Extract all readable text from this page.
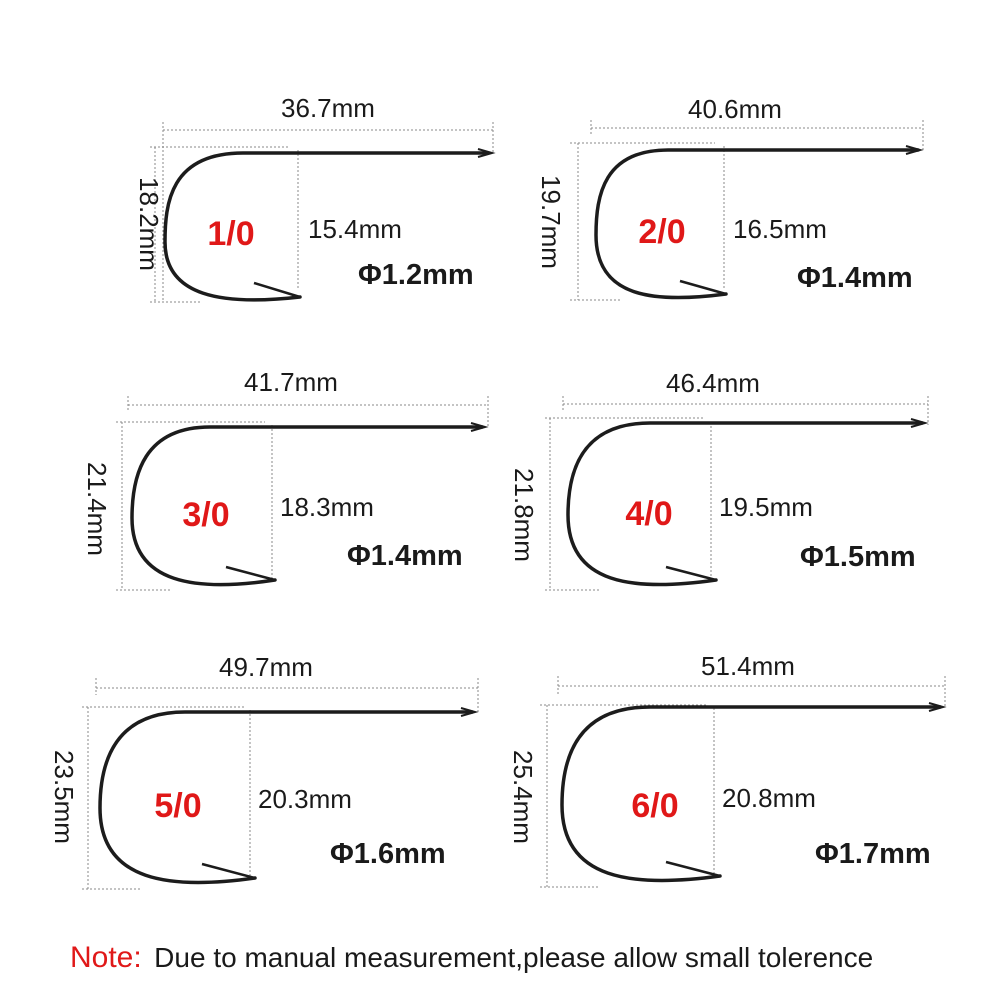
36.7mm
18.2mm 1/0 15.4mm
Φ1.2mm
40.6mm
19.7mm 2/0 16.5mm
Φ1.4mm
41.7mm
21.4mm 3/0 18.3mm
Φ1.4mm
46.4mm
21.8mm	4/0 19.5mm
Φ1.5mm
49.7mm
23.5mm 5/0 20.3mm
Φ1.6mm
51.4mm
25.4mm	6/0 20.8mm
Φ1.7mm
Note: Due to manual measurement,please allow small tolerence
